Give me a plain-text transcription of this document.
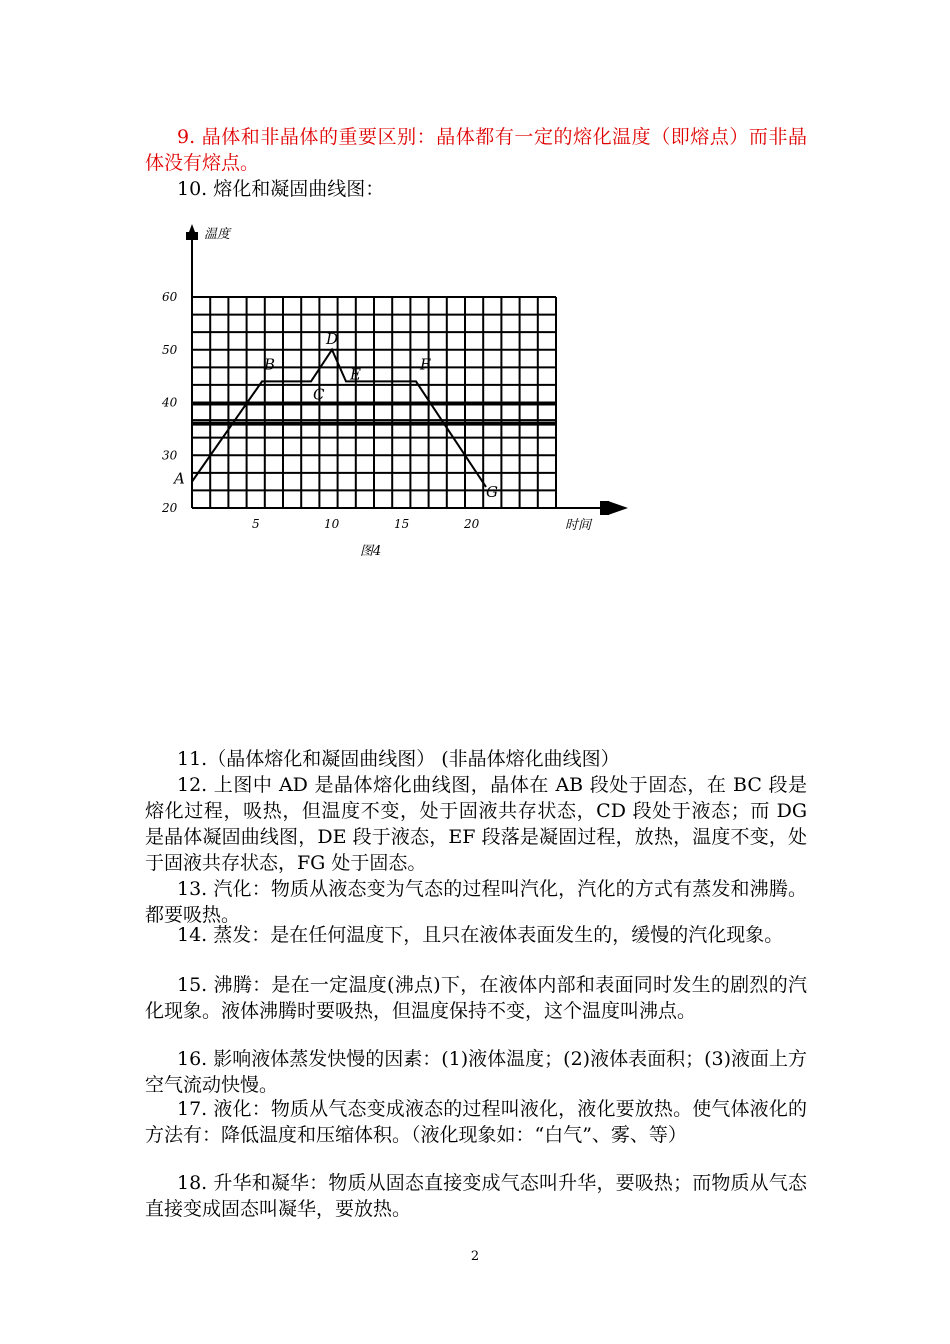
9. 晶体和非晶体的重要区别：晶体都有一定的熔化温度（即熔点）而非晶体没有熔点。

10. 熔化和凝固曲线图：

20
30
40
50
60
5	10	15	20
A
B
C
D
E
F
G
温度
时间
图4

11.（晶体熔化和凝固曲线图） (非晶体熔化曲线图）

12. 上图中 AD 是晶体熔化曲线图，晶体在 AB 段处于固态，在 BC 段是熔化过程，吸热，但温度不变，处于固液共存状态，CD 段处于液态；而 DG 是晶体凝固曲线图，DE 段于液态，EF 段落是凝固过程，放热，温度不变，处于固液共存状态，FG 处于固态。

13. 汽化：物质从液态变为气态的过程叫汽化，汽化的方式有蒸发和沸腾。都要吸热。

14. 蒸发：是在任何温度下，且只在液体表面发生的，缓慢的汽化现象。

15. 沸腾：是在一定温度(沸点)下，在液体内部和表面同时发生的剧烈的汽化现象。液体沸腾时要吸热，但温度保持不变，这个温度叫沸点。

16. 影响液体蒸发快慢的因素：(1)液体温度；(2)液体表面积；(3)液面上方空气流动快慢。

17. 液化：物质从气态变成液态的过程叫液化，液化要放热。使气体液化的方法有：降低温度和压缩体积。（液化现象如：“白气”、雾、等）

18. 升华和凝华：物质从固态直接变成气态叫升华，要吸热；而物质从气态直接变成固态叫凝华，要放热。

2
